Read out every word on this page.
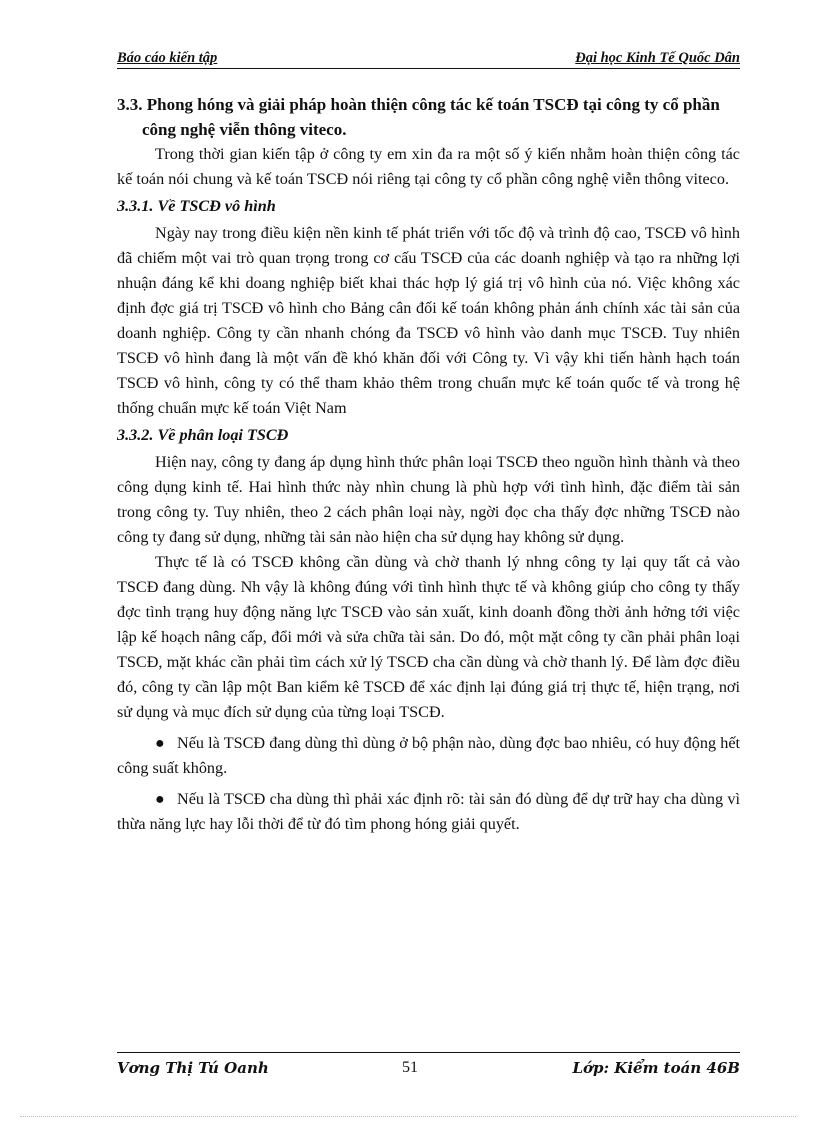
Báo cáo kiến tập	Đại học Kinh Tế Quốc Dân

3.3. Phong hóng và giải pháp hoàn thiện công tác kế toán TSCĐ tại công ty cổ phần công nghệ viễn thông viteco.

Trong thời gian kiến tập ở công ty em xin đa ra một số ý kiến nhằm hoàn thiện công tác kế toán nói chung và kế toán TSCĐ nói riêng tại công ty cổ phần công nghệ viễn thông viteco.

3.3.1. Về TSCĐ vô hình

Ngày nay trong điều kiện nền kinh tế phát triển với tốc độ và trình độ cao, TSCĐ vô hình đã chiếm một vai trò quan trọng trong cơ cấu TSCĐ của các doanh nghiệp và tạo ra những lợi nhuận đáng kể khi doang nghiệp biết khai thác hợp lý giá trị vô hình của nó. Việc không xác định đợc giá trị TSCĐ vô hình cho Bảng cân đối kế toán không phản ánh chính xác tài sản của doanh nghiệp. Công ty cần nhanh chóng đa TSCĐ vô hình vào danh mục TSCĐ. Tuy nhiên TSCĐ vô hình đang là một vấn đề khó khăn đối với Công ty. Vì vậy khi tiến hành hạch toán TSCĐ vô hình, công ty có thể tham khảo thêm trong chuẩn mực kế toán quốc tế và trong hệ thống chuẩn mực kế toán Việt Nam

3.3.2. Về phân loại TSCĐ

Hiện nay, công ty đang áp dụng hình thức phân loại TSCĐ theo nguồn hình thành và theo công dụng kinh tế. Hai hình thức này nhìn chung là phù hợp với tình hình, đặc điểm tài sản trong công ty. Tuy nhiên, theo 2 cách phân loại này, ngời đọc cha thấy đợc những TSCĐ nào công ty đang sử dụng, những tài sản nào hiện cha sử dụng hay không sử dụng.

Thực tế là có TSCĐ không cần dùng và chờ thanh lý nhng công ty lại quy tất cả vào TSCĐ đang dùng. Nh vậy là không đúng với tình hình thực tế và không giúp cho công ty thấy đợc tình trạng huy động năng lực TSCĐ vào sản xuất, kinh doanh đồng thời ảnh hởng tới việc lập kế hoạch nâng cấp, đổi mới và sửa chữa tài sản. Do đó, một mặt công ty cần phải phân loại TSCĐ, mặt khác cần phải tìm cách xử lý TSCĐ cha cần dùng và chờ thanh lý. Để làm đợc điều đó, công ty cần lập một Ban kiểm kê TSCĐ để xác định lại đúng giá trị thực tế, hiện trạng, nơi sử dụng và mục đích sử dụng của từng loại TSCĐ.

● Nếu là TSCĐ đang dùng thì dùng ở bộ phận nào, dùng đợc bao nhiêu, có huy động hết công suất không.

● Nếu là TSCĐ cha dùng thì phải xác định rõ: tài sản đó dùng để dự trữ hay cha dùng vì thừa năng lực hay lỗi thời để từ đó tìm phong hóng giải quyết.

Vơng Thị Tú Oanh	51	Lớp: Kiểm toán 46B
